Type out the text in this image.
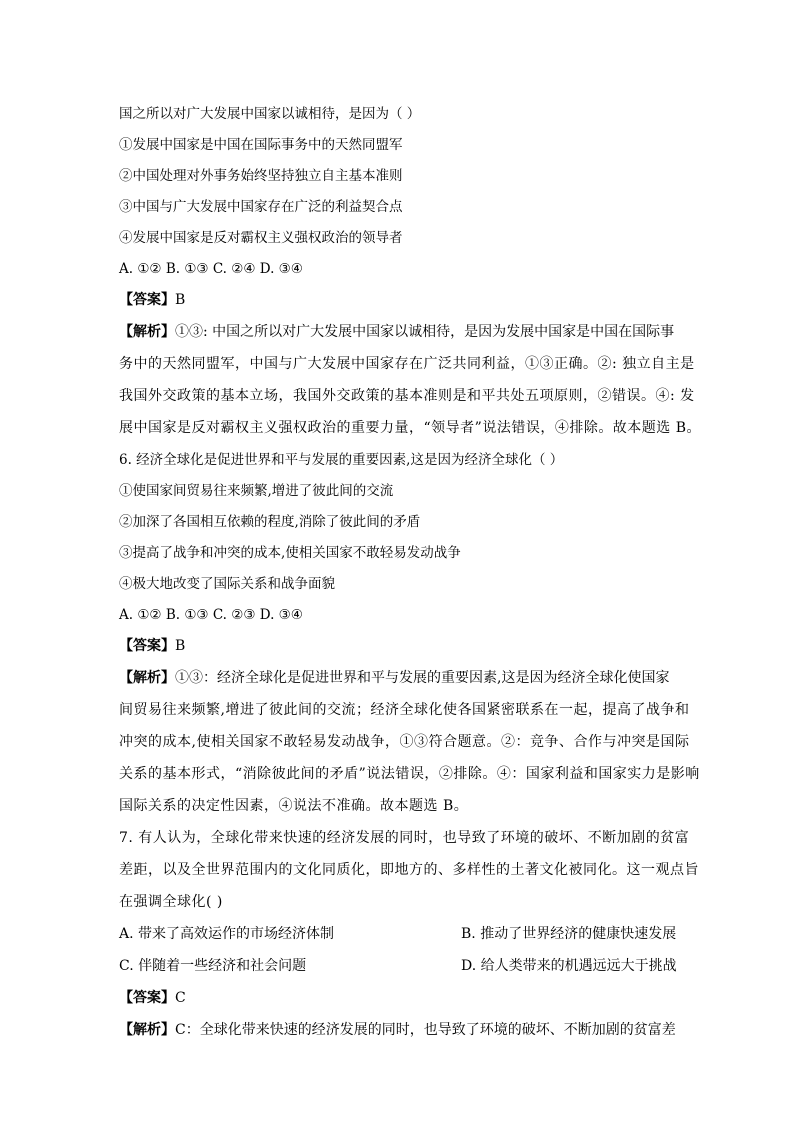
国之所以对广大发展中国家以诚相待，是因为（ ）
①发展中国家是中国在国际事务中的天然同盟军
②中国处理对外事务始终坚持独立自主基本准则
③中国与广大发展中国家存在广泛的利益契合点
④发展中国家是反对霸权主义强权政治的领导者
A. ①② B. ①③ C. ②④ D. ③④
【答案】B
【解析】①③: 中国之所以对广大发展中国家以诚相待，是因为发展中国家是中国在国际事
务中的天然同盟军，中国与广大发展中国家存在广泛共同利益，①③正确。②: 独立自主是
我国外交政策的基本立场，我国外交政策的基本准则是和平共处五项原则，②错误。④: 发
展中国家是反对霸权主义强权政治的重要力量，“领导者”说法错误，④排除。故本题选 B。
6. 经济全球化是促进世界和平与发展的重要因素,这是因为经济全球化（ ）
①使国家间贸易往来频繁,增进了彼此间的交流
②加深了各国相互依赖的程度,消除了彼此间的矛盾
③提高了战争和冲突的成本,使相关国家不敢轻易发动战争
④极大地改变了国际关系和战争面貌
A. ①② B. ①③ C. ②③ D. ③④
【答案】B
【解析】①③：经济全球化是促进世界和平与发展的重要因素,这是因为经济全球化使国家
间贸易往来频繁,增进了彼此间的交流；经济全球化使各国紧密联系在一起，提高了战争和
冲突的成本,使相关国家不敢轻易发动战争，①③符合题意。②：竞争、合作与冲突是国际
关系的基本形式，“消除彼此间的矛盾”说法错误，②排除。④：国家利益和国家实力是影响
国际关系的决定性因素，④说法不准确。故本题选 B。
7. 有人认为，全球化带来快速的经济发展的同时，也导致了环境的破坏、不断加剧的贫富
差距，以及全世界范围内的文化同质化，即地方的、多样性的土著文化被同化。这一观点旨
在强调全球化( )
A. 带来了高效运作的市场经济体制	B. 推动了世界经济的健康快速发展
C. 伴随着一些经济和社会问题	D. 给人类带来的机遇远远大于挑战
【答案】C
【解析】C：全球化带来快速的经济发展的同时，也导致了环境的破坏、不断加剧的贫富差
